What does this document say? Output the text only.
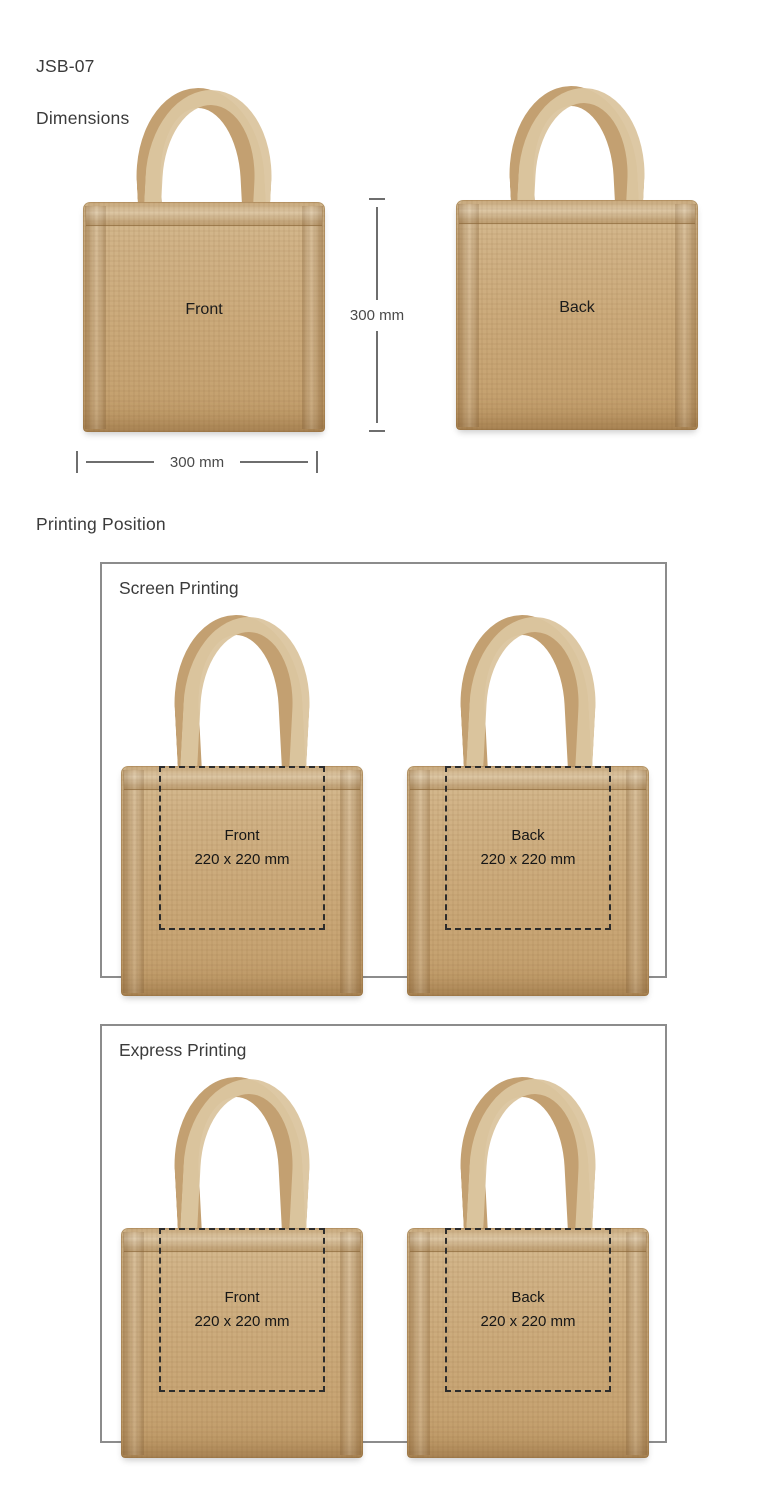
JSB-07

Dimensions

Front	Back
300 mm
300 mm
Printing Position
Screen Printing
Front
220 x 220 mm
Back
220 x 220 mm
Express Printing
Front
220 x 220 mm
Back
220 x 220 mm
